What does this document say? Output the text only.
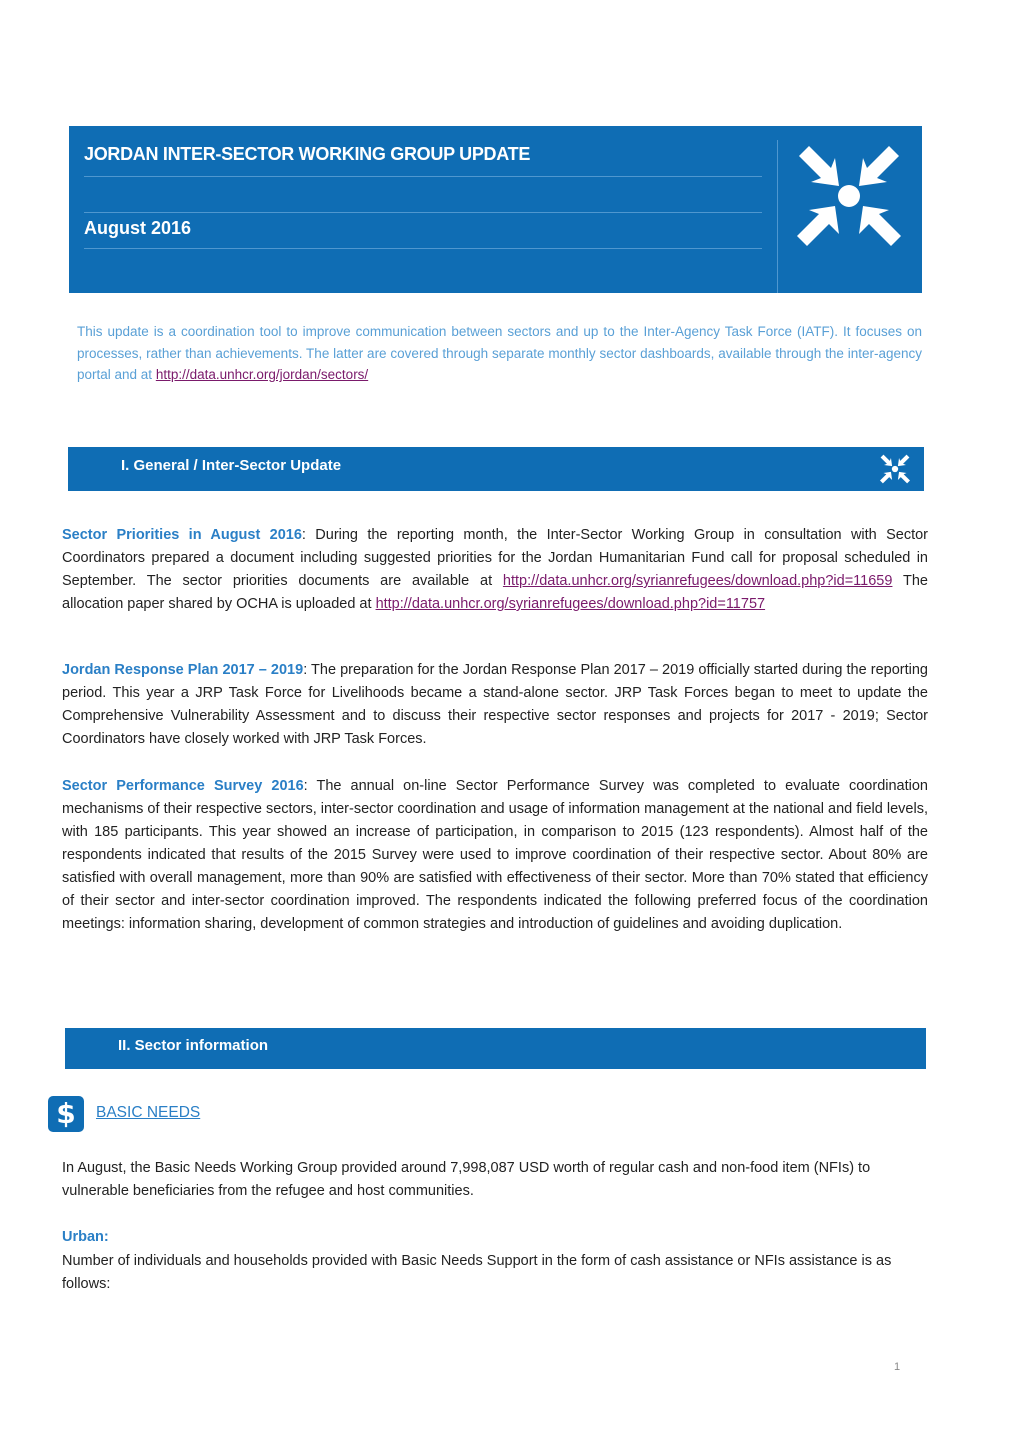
JORDAN INTER-SECTOR WORKING GROUP UPDATE
August 2016
This update is a coordination tool to improve communication between sectors and up to the Inter-Agency Task Force (IATF). It focuses on processes, rather than achievements. The latter are covered through separate monthly sector dashboards, available through the inter-agency portal and at http://data.unhcr.org/jordan/sectors/
I. General / Inter-Sector Update
Sector Priorities in August 2016: During the reporting month, the Inter-Sector Working Group in consultation with Sector Coordinators prepared a document including suggested priorities for the Jordan Humanitarian Fund call for proposal scheduled in September. The sector priorities documents are available at http://data.unhcr.org/syrianrefugees/download.php?id=11659 The allocation paper shared by OCHA is uploaded at http://data.unhcr.org/syrianrefugees/download.php?id=11757
Jordan Response Plan 2017 – 2019: The preparation for the Jordan Response Plan 2017 – 2019 officially started during the reporting period. This year a JRP Task Force for Livelihoods became a stand-alone sector. JRP Task Forces began to meet to update the Comprehensive Vulnerability Assessment and to discuss their respective sector responses and projects for 2017 - 2019; Sector Coordinators have closely worked with JRP Task Forces.
Sector Performance Survey 2016: The annual on-line Sector Performance Survey was completed to evaluate coordination mechanisms of their respective sectors, inter-sector coordination and usage of information management at the national and field levels, with 185 participants. This year showed an increase of participation, in comparison to 2015 (123 respondents). Almost half of the respondents indicated that results of the 2015 Survey were used to improve coordination of their respective sector. About 80% are satisfied with overall management, more than 90% are satisfied with effectiveness of their sector. More than 70% stated that efficiency of their sector and inter-sector coordination improved. The respondents indicated the following preferred focus of the coordination meetings: information sharing, development of common strategies and introduction of guidelines and avoiding duplication.
II. Sector information
$	BASIC NEEDS
In August, the Basic Needs Working Group provided around 7,998,087 USD worth of regular cash and non-food item (NFIs) to vulnerable beneficiaries from the refugee and host communities.
Urban:
Number of individuals and households provided with Basic Needs Support in the form of cash assistance or NFIs assistance is as follows:
1
